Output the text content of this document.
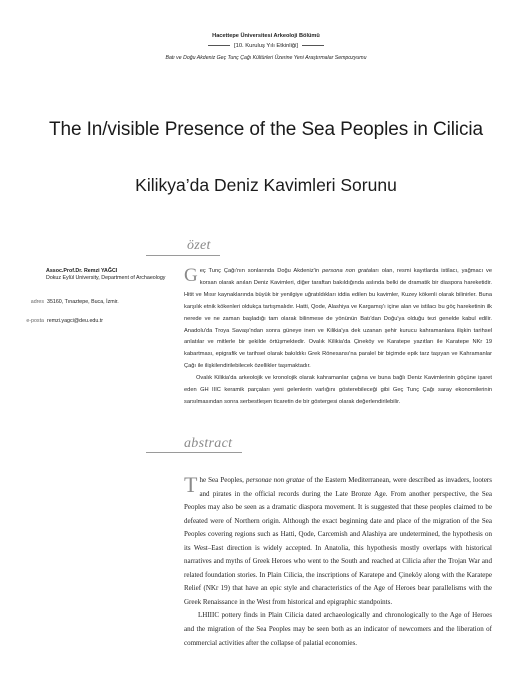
Hacettepe Üniversitesi Arkeoloji Bölümü
[10. Kuruluş Yılı Etkinliği]
Batı ve Doğu Akdeniz Geç Tunç Çağı Kültürleri Üzerine Yeni Araştırmalar Sempozyumu
The In/visible Presence of the Sea Peoples in Cilicia
Kilikya’da Deniz Kavimleri Sorunu
özet
Assoc.Prof.Dr. Remzi YAĞCI
Dokuz Eylül University, Department of Archaeology
adres 35160, Tınaztepe, Buca, İzmir.
e-posta remzi.yagci@deu.edu.tr

Geç Tunç Çağı'nın sonlarında Doğu Akdeniz'in persona non grataları olan, resmi kayıtlarda istilacı, yağmacı ve korsan olarak anılan Deniz Kavimleri, diğer taraftan bakıldığında aslında belki de dramatik bir diaspora hareketidir. Hitit ve Mısır kaynaklarında büyük bir yenilgiye uğratıldıkları iddia edilen bu kavimler, Kuzey kökenli olarak bilinirler. Buna karşılık etnik kökenleri oldukça tartışmalıdır. Hatti, Qode, Alashiya ve Kargamış'ı içine alan ve istilacı bu göç hareketinin ilk nerede ve ne zaman başladığı tam olarak bilinmese de yönünün Batı'dan Doğu'ya olduğu tezi genelde kabul edilir. Anadolu'da Troya Savaşı'ndan sonra güneye inen ve Kilikia'ya dek uzanan şehir kurucu kahramanlara ilişkin tarihsel anlatılar ve mitlerle bir şekilde örtüşmektedir. Ovalık Kilikia'da Çineköy ve Karatepe yazıtları ile Karatepe NKr 19 kabartması, epigrafik ve tarihsel olarak bakıldıkı Grek Rönesansı'na paralel bir biçimde epik tarz taşıyan ve Kahramanlar Çağı ile ilişkilendirilebilecek özellikler taşımaktadır.

Ovalık Kilikia'da arkeolojik ve kronolojik olarak kahramanlar çağına ve buna bağlı Deniz Kavimlerinin göçüne işaret eden GH IIIC keramik parçaları yeni gelenlerin varlığını gösterebileceği gibi Geç Tunç Çağı saray ekonomilerinin sarsılmasından sonra serbestleşen ticaretin de bir göstergesi olarak değerlendirilebilir.

abstract

The Sea Peoples, personae non gratae of the Eastern Mediterranean, were described as invaders, looters and pirates in the official records during the Late Bronze Age. From another perspective, the Sea Peoples may also be seen as a dramatic diaspora movement. It is suggested that these peoples claimed to be defeated were of Northern origin. Although the exact beginning date and place of the migration of the Sea Peoples covering regions such as Hatti, Qode, Carcemish and Alashiya are undetermined, the hypothesis on its West–East direction is widely accepted. In Anatolia, this hypothesis mostly overlaps with historical narratives and myths of Greek Heroes who went to the South and reached at Cilicia after the Trojan War and related foundation stories. In Plain Cilicia, the inscriptions of Karatepe and Çineköy along with the Karatepe Relief (NKr 19) that have an epic style and characteristics of the Age of Heroes bear parallelisms with the Greek Renaissance in the West from historical and epigraphic standpoints.

LHIIIC pottery finds in Plain Cilicia dated archaeologically and chronologically to the Age of Heroes and the migration of the Sea Peoples may be seen both as an indicator of newcomers and the liberation of commercial activities after the collapse of palatial economies.
